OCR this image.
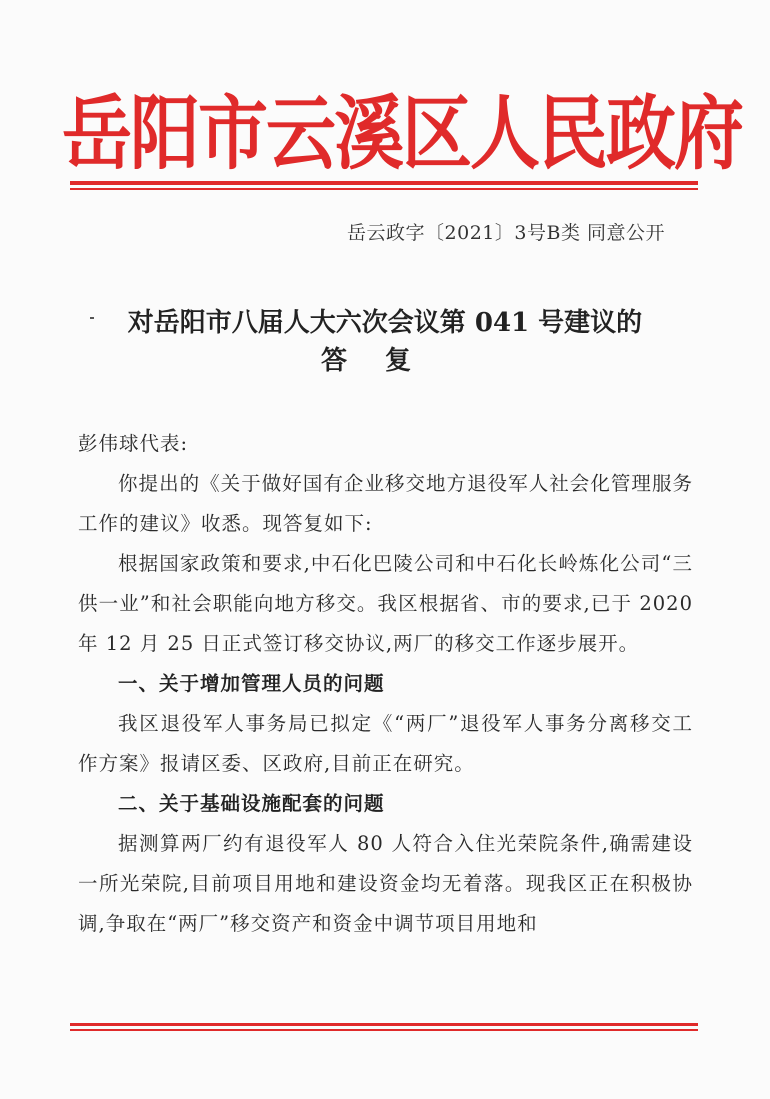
岳阳市云溪区人民政府
岳云政字〔2021〕3号B类 同意公开
对岳阳市八届人大六次会议第 041 号建议的
答复

彭伟球代表:

你提出的《关于做好国有企业移交地方退役军人社会化管理服务工作的建议》收悉。现答复如下:

根据国家政策和要求,中石化巴陵公司和中石化长岭炼化公司“三供一业”和社会职能向地方移交。我区根据省、市的要求,已于 2020 年 12 月 25 日正式签订移交协议,两厂的移交工作逐步展开。

一、关于增加管理人员的问题

我区退役军人事务局已拟定《“两厂”退役军人事务分离移交工作方案》报请区委、区政府,目前正在研究。

二、关于基础设施配套的问题

据测算两厂约有退役军人 80 人符合入住光荣院条件,确需建设一所光荣院,目前项目用地和建设资金均无着落。现我区正在积极协调,争取在“两厂”移交资产和资金中调节项目用地和
